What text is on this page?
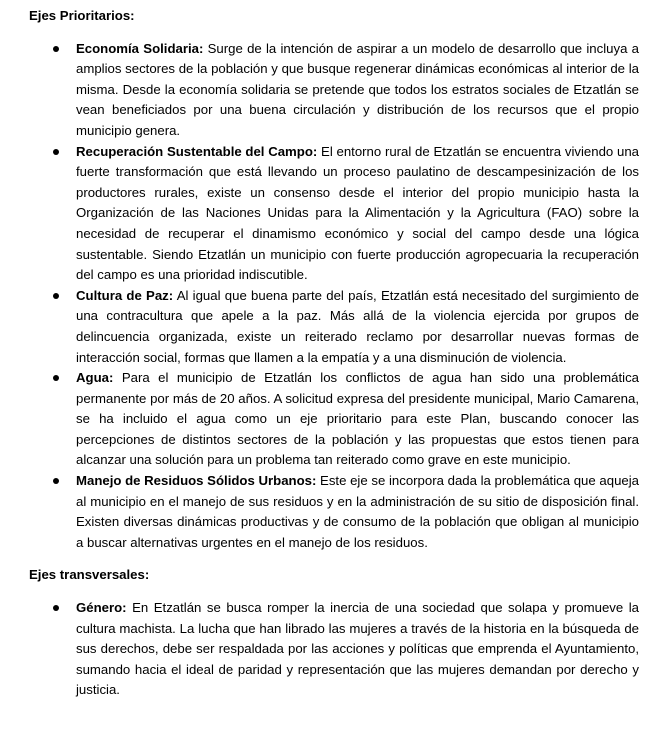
Ejes Prioritarios:

Economía Solidaria: Surge de la intención de aspirar a un modelo de desarrollo que incluya a amplios sectores de la población y que busque regenerar dinámicas económicas al interior de la misma. Desde la economía solidaria se pretende que todos los estratos sociales de Etzatlán se vean beneficiados por una buena circulación y distribución de los recursos que el propio municipio genera.
Recuperación Sustentable del Campo: El entorno rural de Etzatlán se encuentra viviendo una fuerte transformación que está llevando un proceso paulatino de descampesinización de los productores rurales, existe un consenso desde el interior del propio municipio hasta la Organización de las Naciones Unidas para la Alimentación y la Agricultura (FAO) sobre la necesidad de recuperar el dinamismo económico y social del campo desde una lógica sustentable. Siendo Etzatlán un municipio con fuerte producción agropecuaria la recuperación del campo es una prioridad indiscutible.
Cultura de Paz: Al igual que buena parte del país, Etzatlán está necesitado del surgimiento de una contracultura que apele a la paz. Más allá de la violencia ejercida por grupos de delincuencia organizada, existe un reiterado reclamo por desarrollar nuevas formas de interacción social, formas que llamen a la empatía y a una disminución de violencia.
Agua: Para el municipio de Etzatlán los conflictos de agua han sido una problemática permanente por más de 20 años. A solicitud expresa del presidente municipal, Mario Camarena, se ha incluido el agua como un eje prioritario para este Plan, buscando conocer las percepciones de distintos sectores de la población y las propuestas que estos tienen para alcanzar una solución para un problema tan reiterado como grave en este municipio.
Manejo de Residuos Sólidos Urbanos: Este eje se incorpora dada la problemática que aqueja al municipio en el manejo de sus residuos y en la administración de su sitio de disposición final. Existen diversas dinámicas productivas y de consumo de la población que obligan al municipio a buscar alternativas urgentes en el manejo de los residuos.

Ejes transversales:

Género: En Etzatlán se busca romper la inercia de una sociedad que solapa y promueve la cultura machista. La lucha que han librado las mujeres a través de la historia en la búsqueda de sus derechos, debe ser respaldada por las acciones y políticas que emprenda el Ayuntamiento, sumando hacia el ideal de paridad y representación que las mujeres demandan por derecho y justicia.
